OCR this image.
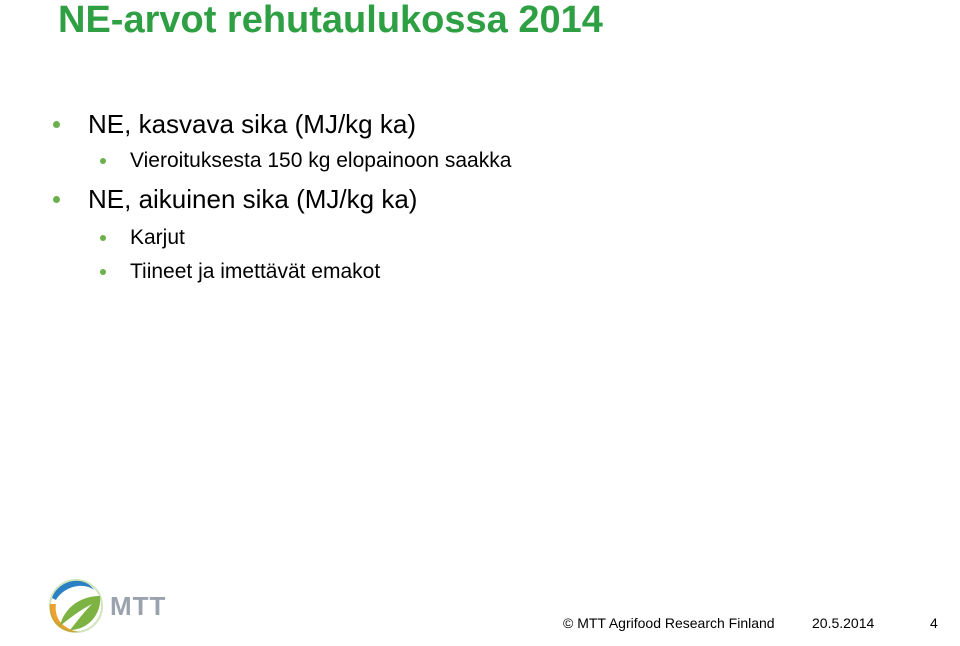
NE-arvot rehutaulukossa 2014
NE, kasvava sika (MJ/kg ka)
Vieroituksesta 150 kg elopainoon saakka
NE, aikuinen sika (MJ/kg ka)
Karjut
Tiineet ja imettävät emakot
MTT
© MTT Agrifood Research Finland	20.5.2014	4
